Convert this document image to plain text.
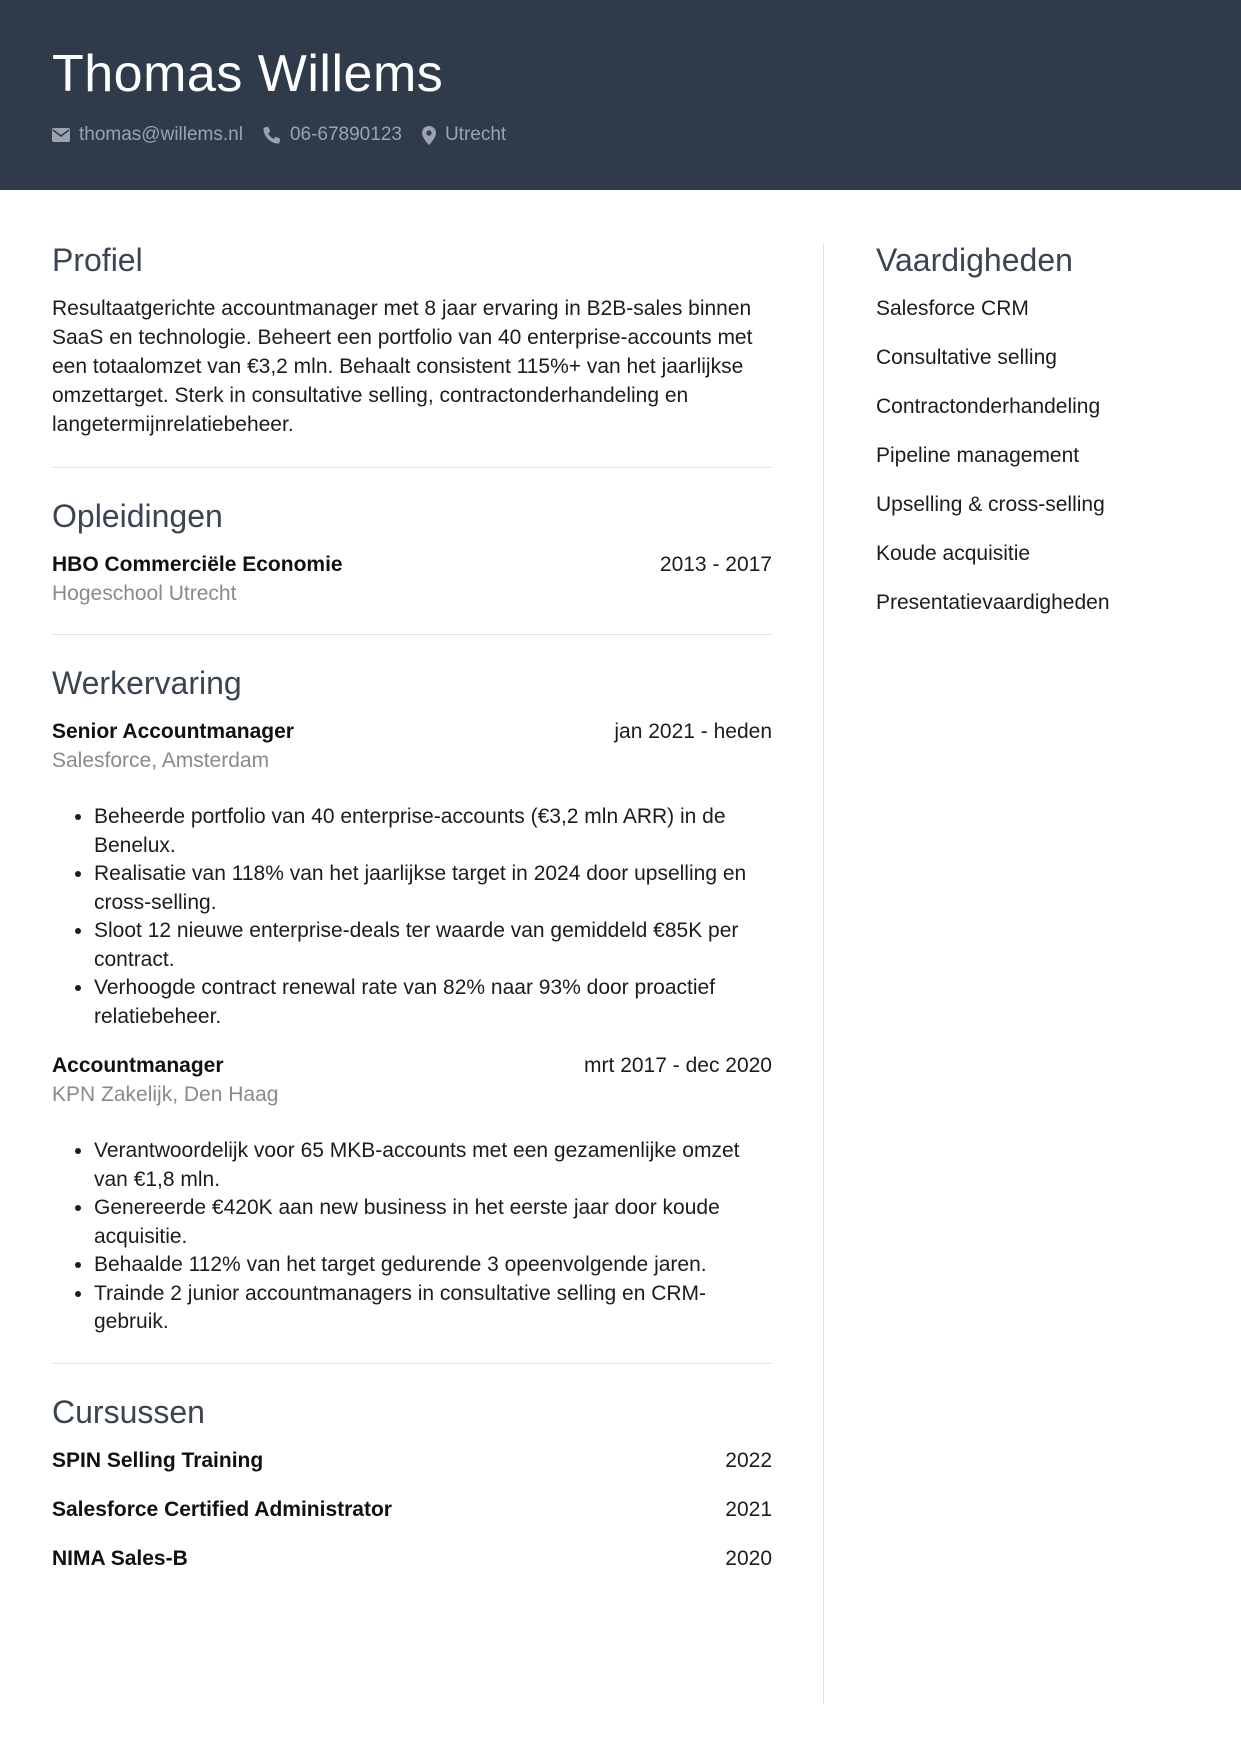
Thomas Willems
thomas@willems.nl 06-67890123 Utrecht
Profiel

Resultaatgerichte accountmanager met 8 jaar ervaring in B2B-sales binnen SaaS en technologie. Beheert een portfolio van 40 enterprise-accounts met een totaalomzet van €3,2 mln. Behaalt consistent 115%+ van het jaarlijkse omzettarget. Sterk in consultative selling, contractonderhandeling en langetermijnrelatiebeheer.

Opleidingen
HBO Commerciële Economie	2013 - 2017
Hogeschool Utrecht
Werkervaring
Senior Accountmanager	jan 2021 - heden
Salesforce, Amsterdam
• Beheerde portfolio van 40 enterprise-accounts (€3,2 mln ARR) in de Benelux.
• Realisatie van 118% van het jaarlijkse target in 2024 door upselling en cross-selling.
• Sloot 12 nieuwe enterprise-deals ter waarde van gemiddeld €85K per contract.
• Verhoogde contract renewal rate van 82% naar 93% door proactief relatiebeheer.
Accountmanager	mrt 2017 - dec 2020
KPN Zakelijk, Den Haag
• Verantwoordelijk voor 65 MKB-accounts met een gezamenlijke omzet van €1,8 mln.
• Genereerde €420K aan new business in het eerste jaar door koude acquisitie.
• Behaalde 112% van het target gedurende 3 opeenvolgende jaren.
• Trainde 2 junior accountmanagers in consultative selling en CRM-gebruik.
Cursussen
SPIN Selling Training	2022
Salesforce Certified Administrator	2021
NIMA Sales-B	2020
Vaardigheden
Salesforce CRM
Consultative selling
Contractonderhandeling
Pipeline management
Upselling & cross-selling
Koude acquisitie
Presentatievaardigheden
